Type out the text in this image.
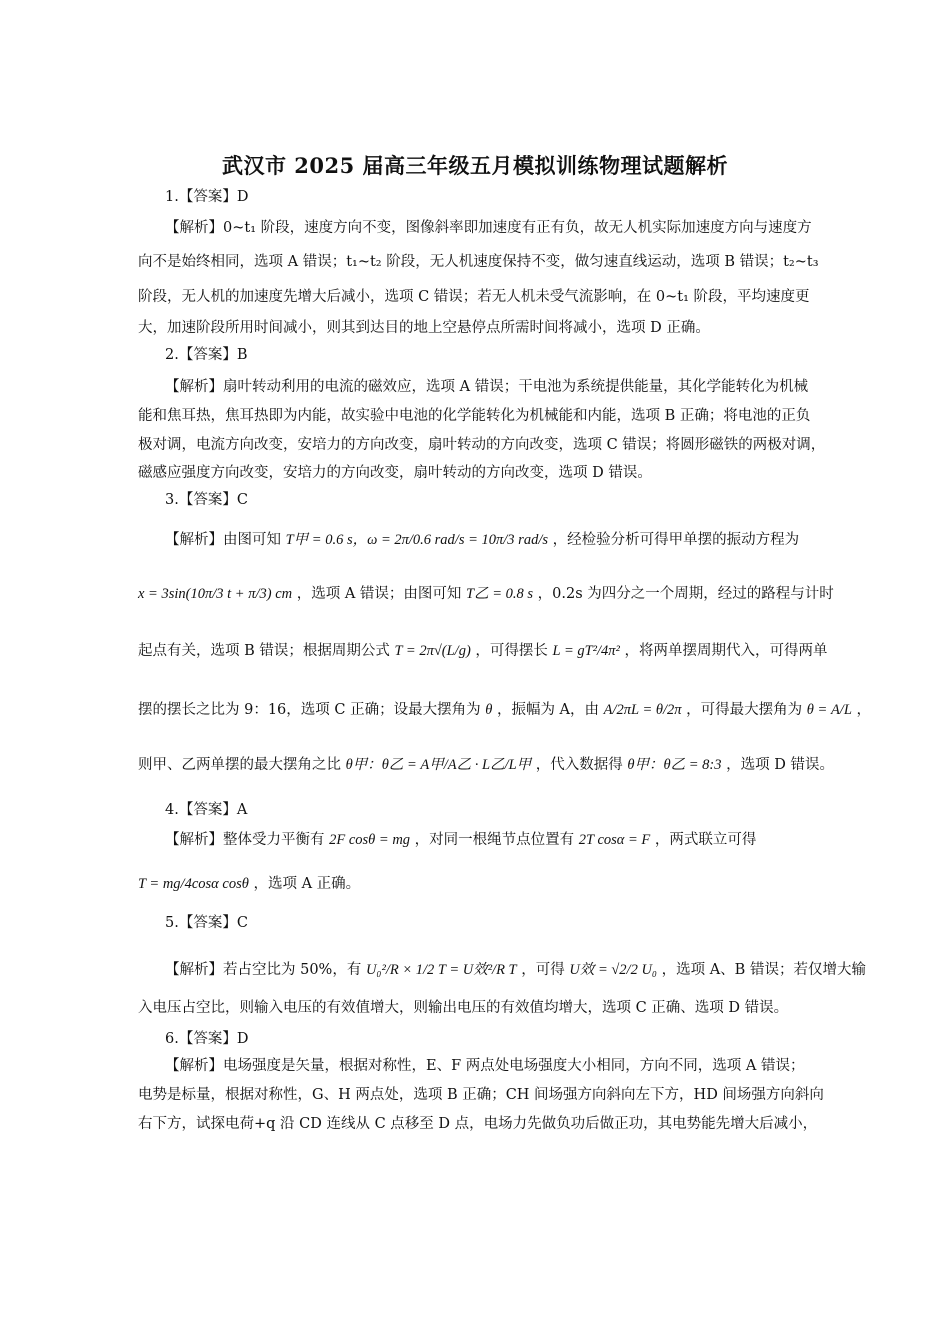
武汉市 2025 届高三年级五月模拟训练物理试题解析
1.【答案】D
【解析】0~t₁ 阶段，速度方向不变，图像斜率即加速度有正有负，故无人机实际加速度方向与速度方
向不是始终相同，选项 A 错误；t₁~t₂ 阶段，无人机速度保持不变，做匀速直线运动，选项 B 错误；t₂~t₃
阶段，无人机的加速度先增大后减小，选项 C 错误；若无人机未受气流影响，在 0~t₁ 阶段，平均速度更
大，加速阶段所用时间减小，则其到达目的地上空悬停点所需时间将减小，选项 D 正确。
2.【答案】B
【解析】扇叶转动利用的电流的磁效应，选项 A 错误；干电池为系统提供能量，其化学能转化为机械
能和焦耳热，焦耳热即为内能，故实验中电池的化学能转化为机械能和内能，选项 B 正确；将电池的正负
极对调，电流方向改变，安培力的方向改变，扇叶转动的方向改变，选项 C 错误；将圆形磁铁的两极对调，
磁感应强度方向改变，安培力的方向改变，扇叶转动的方向改变，选项 D 错误。
3.【答案】C
【解析】由图可知 T甲 = 0.6 s，ω = 2π/0.6 rad/s = 10π/3 rad/s ，经检验分析可得甲单摆的振动方程为
x = 3sin(10π/3 t + π/3) cm ，选项 A 错误；由图可知 T乙 = 0.8 s ，0.2s 为四分之一个周期，经过的路程与计时
起点有关，选项 B 错误；根据周期公式 T = 2π√(L/g) ，可得摆长 L = gT²/4π² ，将两单摆周期代入，可得两单
摆的摆长之比为 9：16，选项 C 正确；设最大摆角为 θ ，振幅为 A，由 A/2πL = θ/2π ，可得最大摆角为 θ = A/L ，
则甲、乙两单摆的最大摆角之比 θ甲：θ乙 = A甲/A乙 · L乙/L甲 ，代入数据得 θ甲：θ乙 = 8:3 ，选项 D 错误。
4.【答案】A
【解析】整体受力平衡有 2F cosθ = mg ，对同一根绳节点位置有 2T cosα = F ，两式联立可得
T = mg/4cosα cosθ ，选项 A 正确。
5.【答案】C
【解析】若占空比为 50%，有 U₀²/R × 1/2 T = U效²/R T ，可得 U效 = √2/2 U₀ ，选项 A、B 错误；若仅增大输
入电压占空比，则输入电压的有效值增大，则输出电压的有效值均增大，选项 C 正确、选项 D 错误。
6.【答案】D
【解析】电场强度是矢量，根据对称性，E、F 两点处电场强度大小相同，方向不同，选项 A 错误；
电势是标量，根据对称性，G、H 两点处，选项 B 正确；CH 间场强方向斜向左下方，HD 间场强方向斜向
右下方，试探电荷+q 沿 CD 连线从 C 点移至 D 点，电场力先做负功后做正功，其电势能先增大后减小，
